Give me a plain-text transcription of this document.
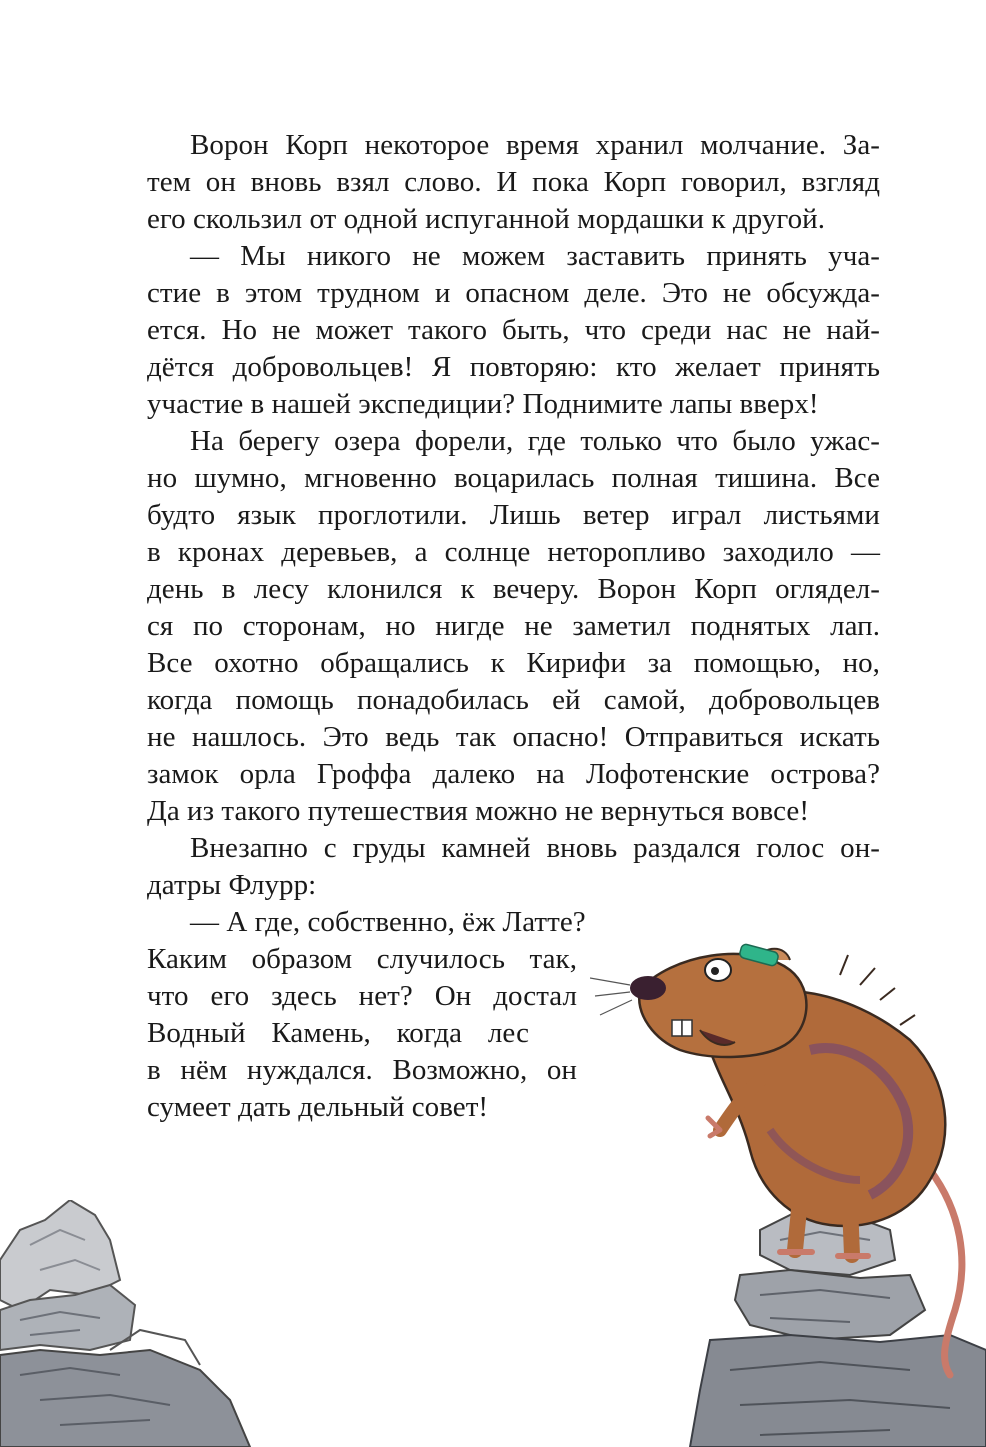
Ворон Корп некоторое время хранил молчание. За-
тем он вновь взял слово. И пока Корп говорил, взгляд
его скользил от одной испуганной мордашки к другой.
— Мы никого не можем заставить принять уча-
стие в этом трудном и опасном деле. Это не обсужда-
ется. Но не может такого быть, что среди нас не най-
дётся добровольцев! Я повторяю: кто желает принять
участие в нашей экспедиции? Поднимите лапы вверх!
На берегу озера форели, где только что было ужас-
но шумно, мгновенно воцарилась полная тишина. Все
будто язык проглотили. Лишь ветер играл листьями
в кронах деревьев, а солнце неторопливо заходило —
день в лесу клонился к вечеру. Ворон Корп оглядел-
ся по сторонам, но нигде не заметил поднятых лап.
Все охотно обращались к Кирифи за помощью, но,
когда помощь понадобилась ей самой, добровольцев
не нашлось. Это ведь так опасно! Отправиться искать
замок орла Гроффа далеко на Лофотенские острова?
Да из такого путешествия можно не вернуться вовсе!
Внезапно с груды камней вновь раздался голос он-
датры Флурр:
— А где, собственно, ёж Латте?
Каким образом случилось так,
что его здесь нет? Он достал
Водный Камень, когда лес
в нём нуждался. Возможно, он
сумеет дать дельный совет!
